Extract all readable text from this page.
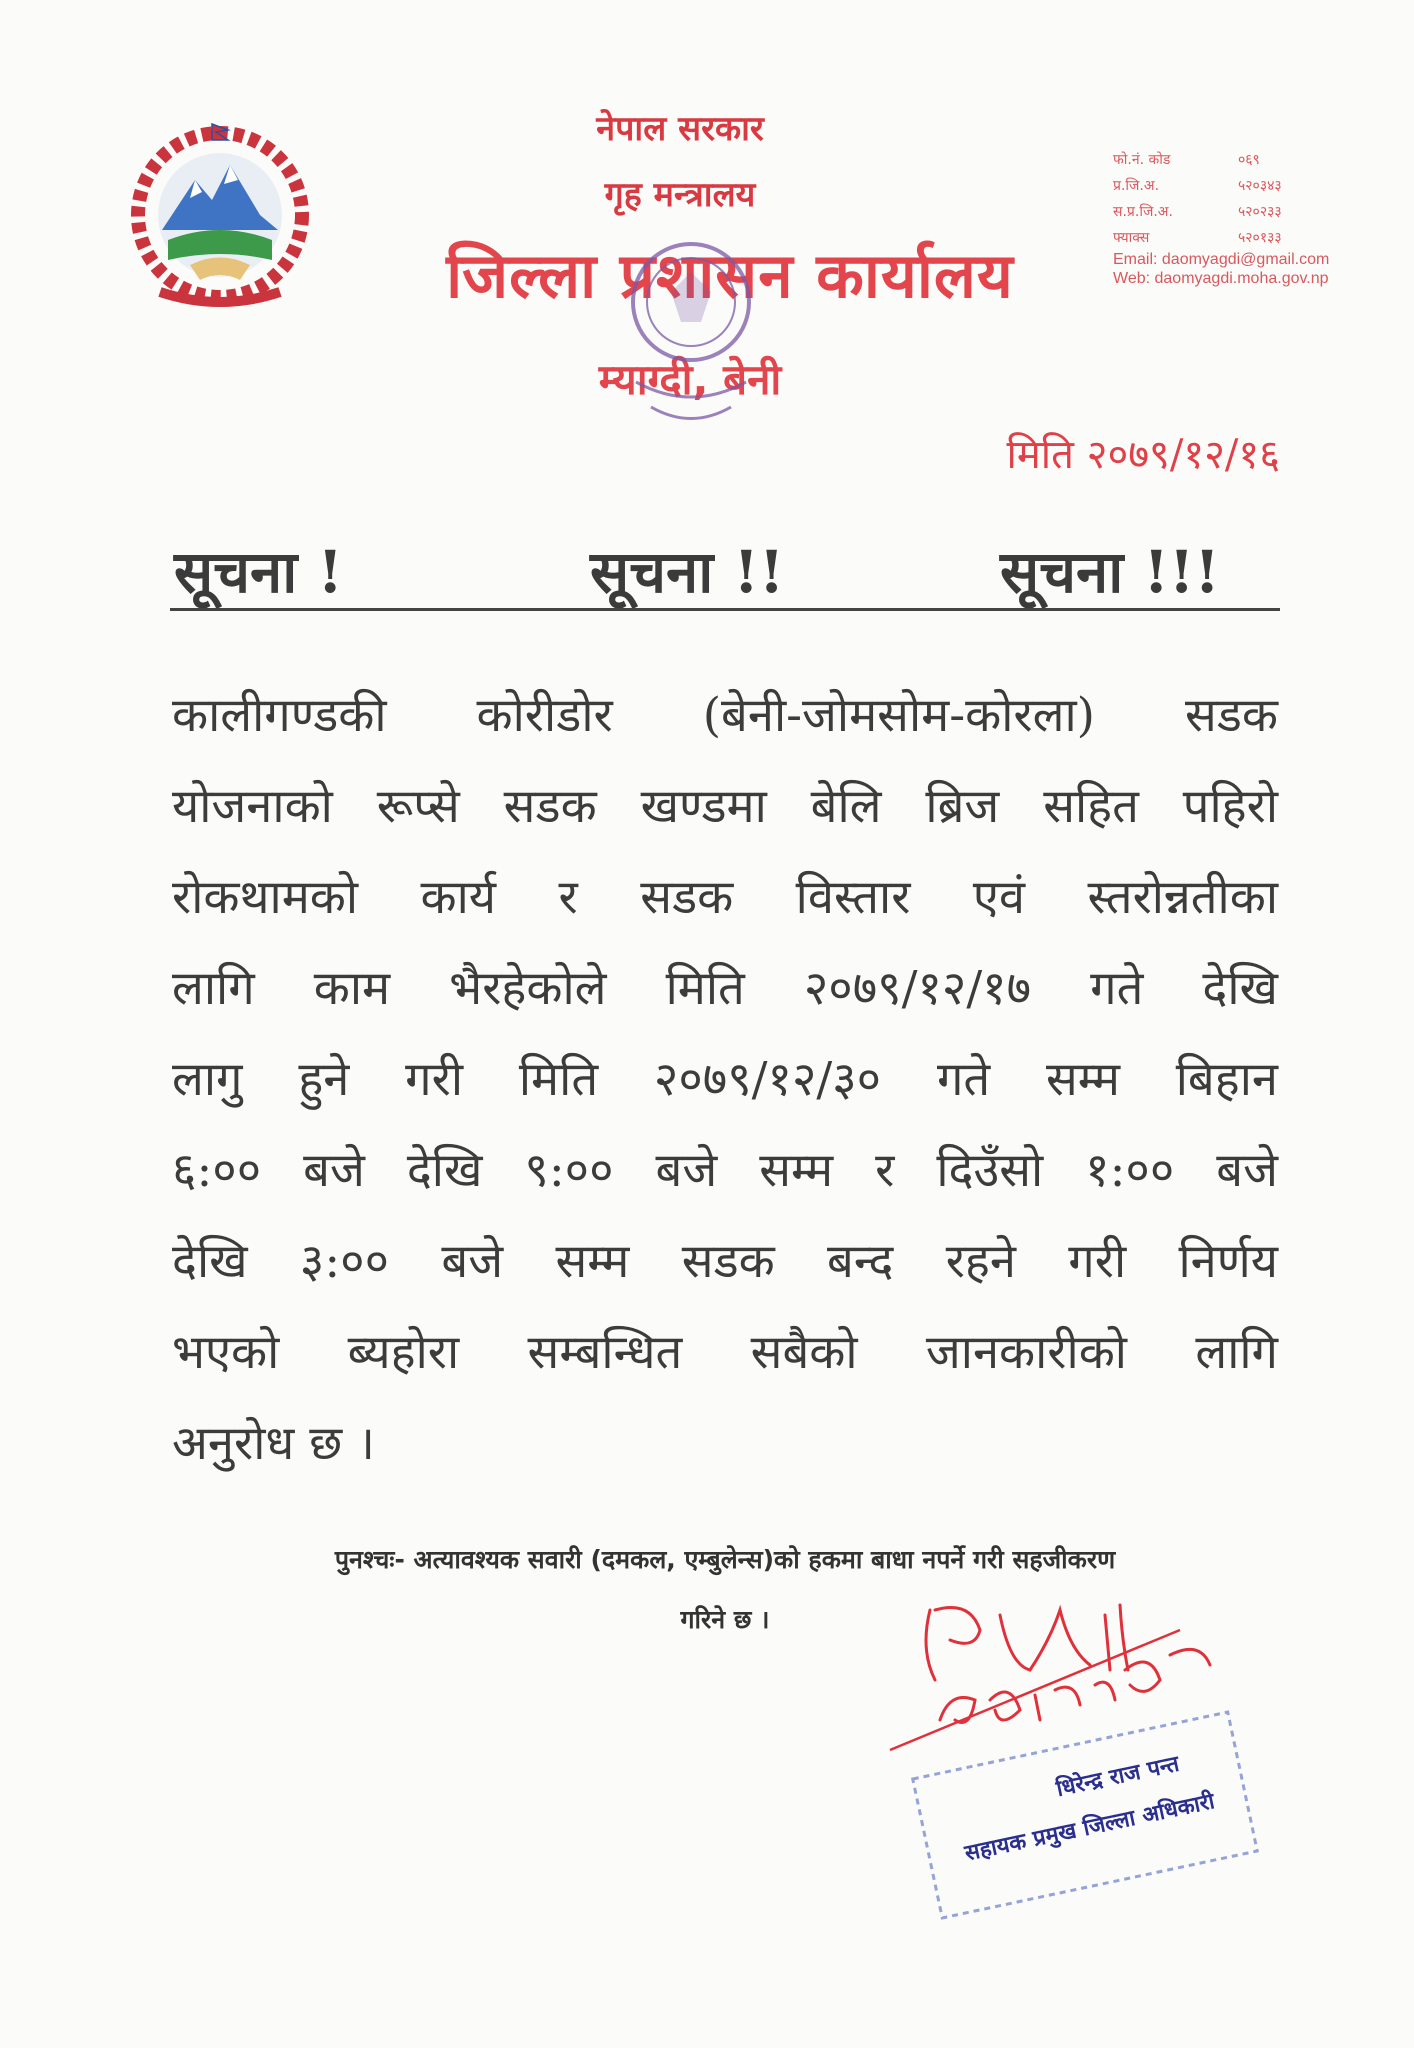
नेपाल सरकार
गृह मन्त्रालय
जिल्ला प्रशासन कार्यालय
म्याग्दी, बेनी
फो.नं. कोड	०६९
प्र.जि.अ.	५२०३४३
स.प्र.जि.अ.	५२०२३३
फ्याक्स	५२०१३३
Email: daomyagdi@gmail.com
Web: daomyagdi.moha.gov.np
मिति २०७९/१२/१६
सूचना !	सूचना !!	सूचना !!!
कालीगण्डकी कोरीडोर (बेनी-जोमसोम-कोरला) सडक
योजनाको रूप्से सडक खण्डमा बेलि ब्रिज सहित पहिरो
रोकथामको कार्य र सडक विस्तार एवं स्तरोन्नतीका
लागि काम भैरहेकोले मिति २०७९/१२/१७ गते देखि
लागु हुने गरी मिति २०७९/१२/३० गते सम्म बिहान
६:०० बजे देखि ९:०० बजे सम्म र दिउँसो १:०० बजे
देखि ३:०० बजे सम्म सडक बन्द रहने गरी निर्णय
भएको ब्यहोरा सम्बन्धित सबैको जानकारीको लागि
अनुरोध छ ।
पुनश्चः- अत्यावश्यक सवारी (दमकल, एम्बुलेन्स)को हकमा बाधा नपर्ने गरी सहजीकरण
गरिने छ ।
धिरेन्द्र राज पन्त
सहायक प्रमुख जिल्ला अधिकारी
